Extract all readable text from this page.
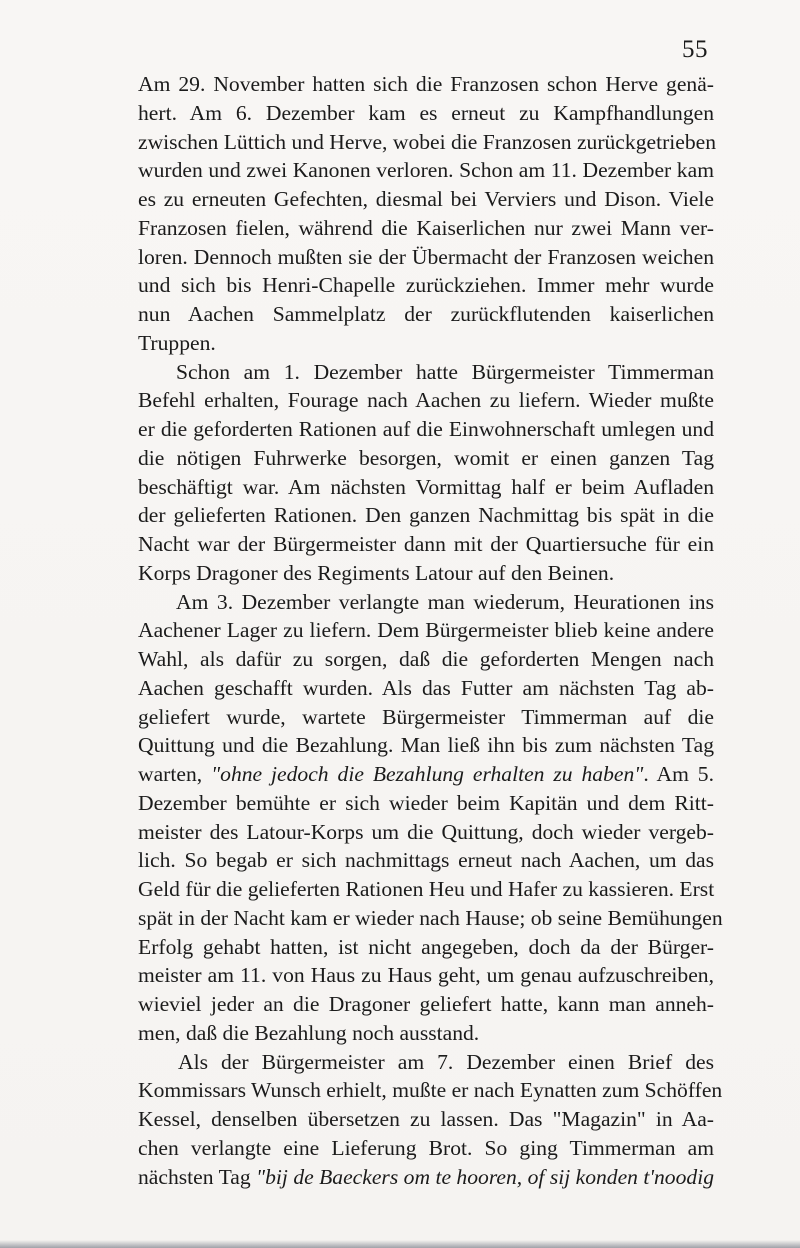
55

Am 29. November hatten sich die Franzosen schon Herve genä-
hert. Am 6. Dezember kam es erneut zu Kampfhandlungen
zwischen Lüttich und Herve, wobei die Franzosen zurückgetrieben
wurden und zwei Kanonen verloren. Schon am 11. Dezember kam
es zu erneuten Gefechten, diesmal bei Verviers und Dison. Viele
Franzosen fielen, während die Kaiserlichen nur zwei Mann ver-
loren. Dennoch mußten sie der Übermacht der Franzosen weichen
und sich bis Henri-Chapelle zurückziehen. Immer mehr wurde
nun Aachen Sammelplatz der zurückflutenden kaiserlichen
Truppen.

Schon am 1. Dezember hatte Bürgermeister Timmerman
Befehl erhalten, Fourage nach Aachen zu liefern. Wieder mußte
er die geforderten Rationen auf die Einwohnerschaft umlegen und
die nötigen Fuhrwerke besorgen, womit er einen ganzen Tag
beschäftigt war. Am nächsten Vormittag half er beim Aufladen
der gelieferten Rationen. Den ganzen Nachmittag bis spät in die
Nacht war der Bürgermeister dann mit der Quartiersuche für ein
Korps Dragoner des Regiments Latour auf den Beinen.

Am 3. Dezember verlangte man wiederum, Heurationen ins
Aachener Lager zu liefern. Dem Bürgermeister blieb keine andere
Wahl, als dafür zu sorgen, daß die geforderten Mengen nach
Aachen geschafft wurden. Als das Futter am nächsten Tag ab-
geliefert wurde, wartete Bürgermeister Timmerman auf die
Quittung und die Bezahlung. Man ließ ihn bis zum nächsten Tag
warten, "ohne jedoch die Bezahlung erhalten zu haben". Am 5.
Dezember bemühte er sich wieder beim Kapitän und dem Ritt-
meister des Latour-Korps um die Quittung, doch wieder vergeb-
lich. So begab er sich nachmittags erneut nach Aachen, um das
Geld für die gelieferten Rationen Heu und Hafer zu kassieren. Erst
spät in der Nacht kam er wieder nach Hause; ob seine Bemühungen
Erfolg gehabt hatten, ist nicht angegeben, doch da der Bürger-
meister am 11. von Haus zu Haus geht, um genau aufzuschreiben,
wieviel jeder an die Dragoner geliefert hatte, kann man anneh-
men, daß die Bezahlung noch ausstand.

Als der Bürgermeister am 7. Dezember einen Brief des
Kommissars Wunsch erhielt, mußte er nach Eynatten zum Schöffen
Kessel, denselben übersetzen zu lassen. Das "Magazin" in Aa-
chen verlangte eine Lieferung Brot. So ging Timmerman am
nächsten Tag "bij de Baeckers om te hooren, of sij konden t'noodig
